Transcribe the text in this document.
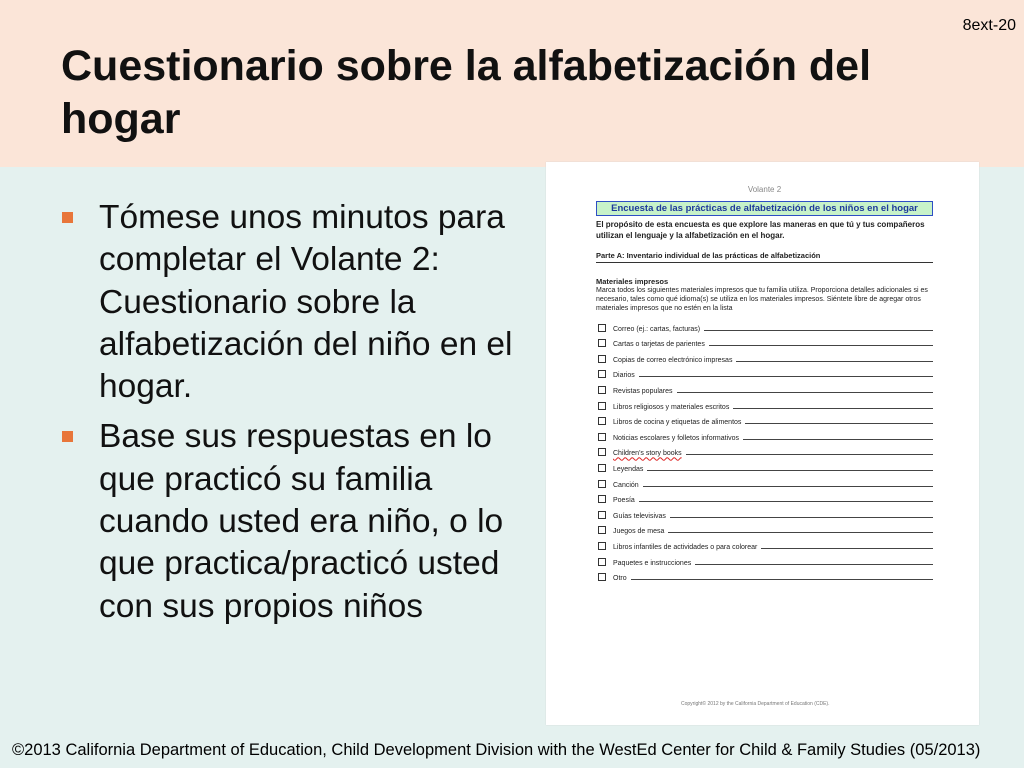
8ext-20
Cuestionario sobre la alfabetización del hogar
Tómese unos minutos para completar el Volante 2: Cuestionario sobre la alfabetización del niño en el hogar.
Base sus respuestas en lo que practicó su familia cuando usted era niño, o lo que practica/practicó usted con sus propios niños
Volante 2
Encuesta de las prácticas de alfabetización de los niños en el hogar
El propósito de esta encuesta es que explore las maneras en que tú y tus compañeros utilizan el lenguaje y la alfabetización en el hogar.
Parte A: Inventario individual de las prácticas de alfabetización
Materiales impresos
Marca todos los siguientes materiales impresos que tu familia utiliza. Proporciona detalles adicionales si es necesario, tales como qué idioma(s) se utiliza en los materiales impresos. Siéntete libre de agregar otros materiales impresos que no estén en la lista
Correo (ej.: cartas, facturas)
Cartas o tarjetas de parientes
Copias de correo electrónico impresas
Diarios
Revistas populares
Libros religiosos y materiales escritos
Libros de cocina y etiquetas de alimentos
Noticias escolares y folletos informativos
Children's story books
Leyendas
Canción
Poesía
Guías televisivas
Juegos de mesa
Libros infantiles de actividades o para colorear
Paquetes e instrucciones
Otro
Copyright© 2012 by the California Department of Education (CDE).
©2013 California Department of Education, Child Development Division with the WestEd Center for Child & Family Studies (05/2013)
